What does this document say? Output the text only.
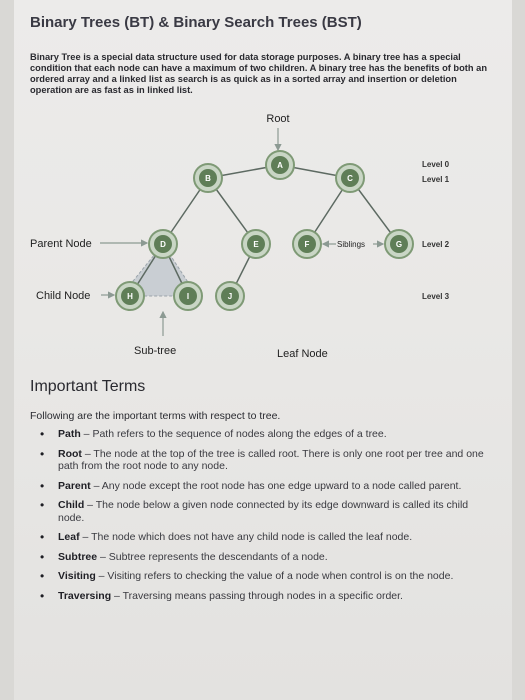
Binary Trees (BT) & Binary Search Trees (BST)
Binary Tree is a special data structure used for data storage purposes. A binary tree has a special condition that each node can have a maximum of two children. A binary tree has the benefits of both an ordered array and a linked list as search is as quick as in a sorted array and insertion or deletion operation are as fast as in linked list.
A
B	C
D	E	F	G
H	I	J
Root
Parent Node
Child Node
Siblings
Sub-tree	Leaf Node
Level 0
Level 1
Level 2
Level 3
Important Terms
Following are the important terms with respect to tree.
• Path – Path refers to the sequence of nodes along the edges of a tree.
• Root – The node at the top of the tree is called root. There is only one root per tree and one path from the root node to any node.
• Parent – Any node except the root node has one edge upward to a node called parent.
• Child – The node below a given node connected by its edge downward is called its child node.
• Leaf – The node which does not have any child node is called the leaf node.
• Subtree – Subtree represents the descendants of a node.
• Visiting – Visiting refers to checking the value of a node when control is on the node.
• Traversing – Traversing means passing through nodes in a specific order.
